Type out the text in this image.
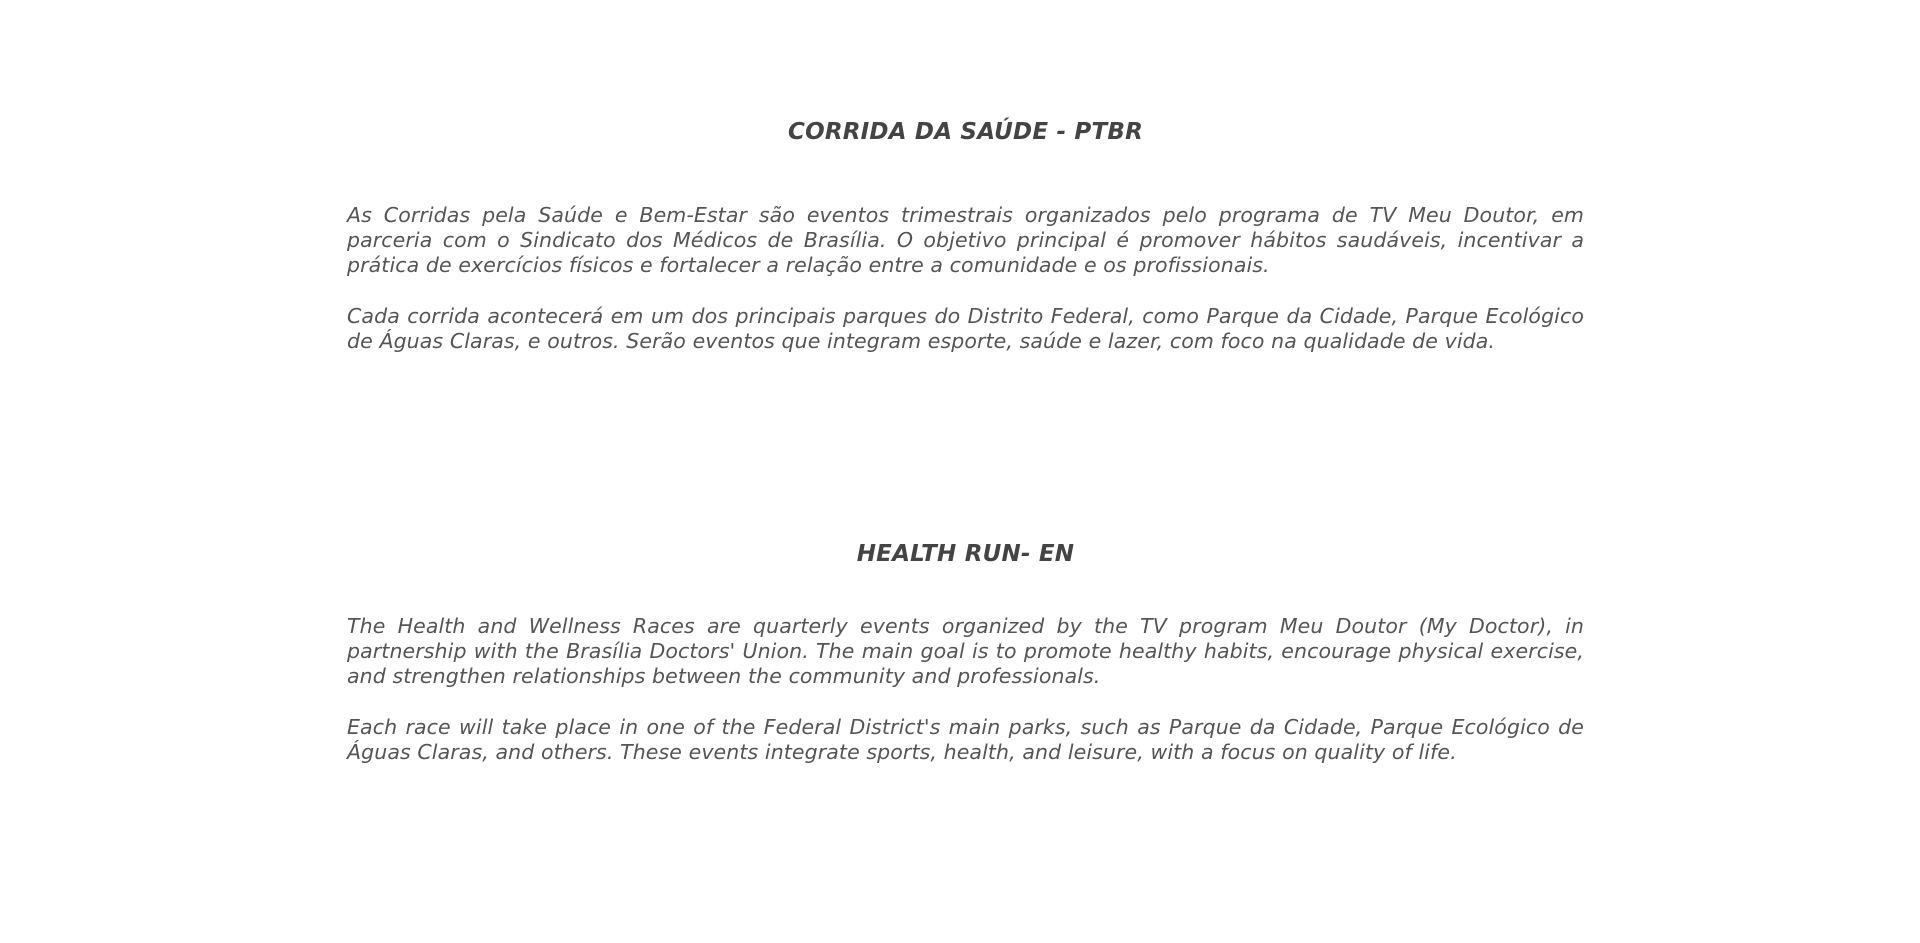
CORRIDA DA SAÚDE - PTBR

As Corridas pela Saúde e Bem-Estar são eventos trimestrais organizados pelo programa de TV Meu Doutor, em parceria com o Sindicato dos Médicos de Brasília. O objetivo principal é promover hábitos saudáveis, incentivar a prática de exercícios físicos e fortalecer a relação entre a comunidade e os profissionais.

Cada corrida acontecerá em um dos principais parques do Distrito Federal, como Parque da Cidade, Parque Ecológico de Águas Claras, e outros. Serão eventos que integram esporte, saúde e lazer, com foco na qualidade de vida.

HEALTH RUN- EN

The Health and Wellness Races are quarterly events organized by the TV program Meu Doutor (My Doctor), in partnership with the Brasília Doctors' Union. The main goal is to promote healthy habits, encourage physical exercise, and strengthen relationships between the community and professionals.

Each race will take place in one of the Federal District's main parks, such as Parque da Cidade, Parque Ecológico de Águas Claras, and others. These events integrate sports, health, and leisure, with a focus on quality of life.
